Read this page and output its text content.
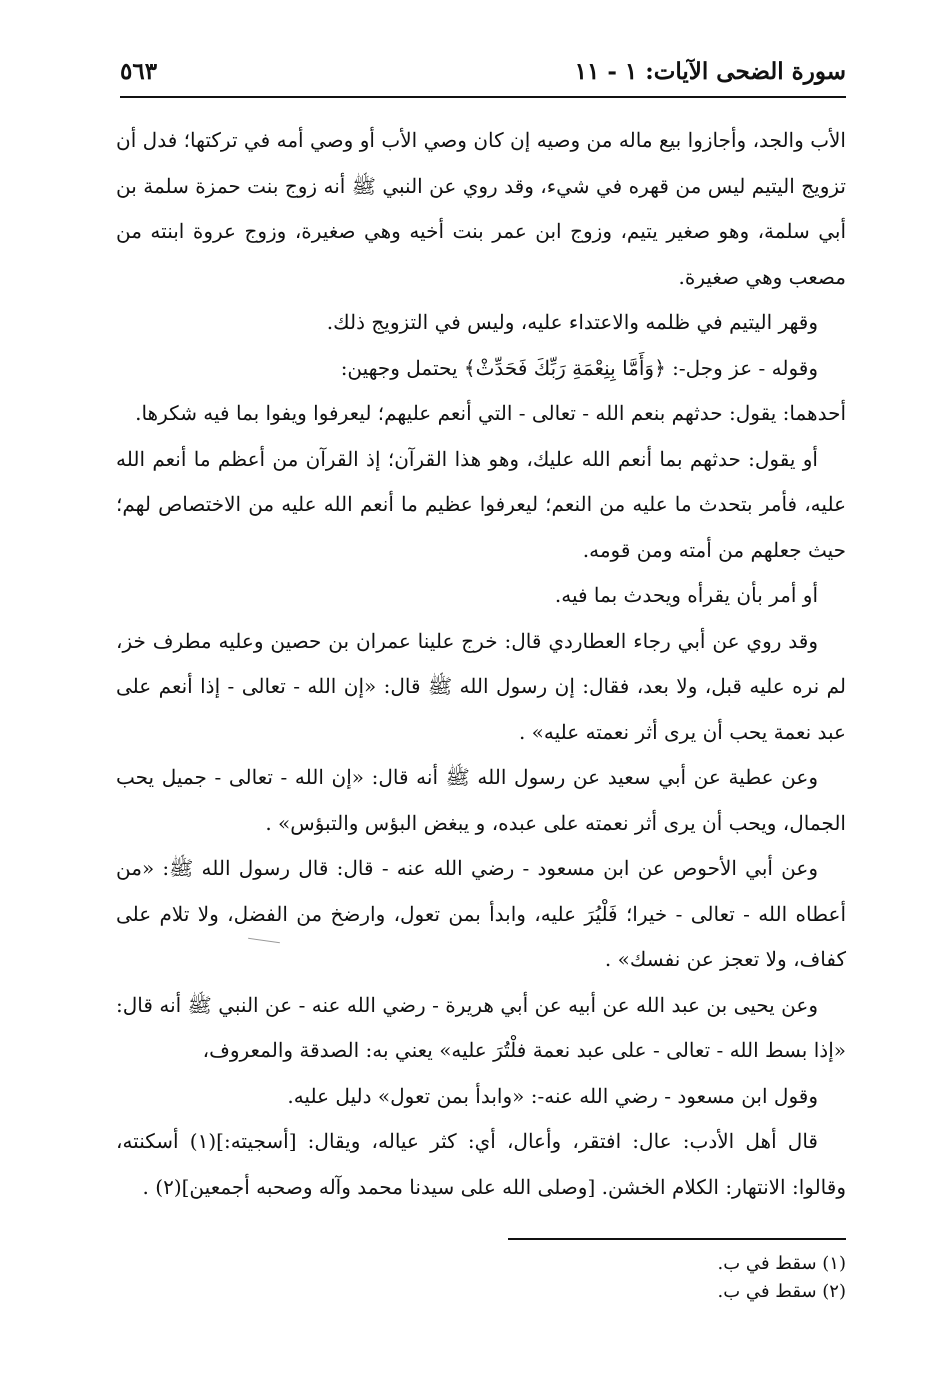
سورة الضحى الآيات: ١ - ١١
٥٦٣

الأب والجد، وأجازوا بيع ماله من وصيه إن كان وصي الأب أو وصي أمه في تركتها؛ فدل أن تزويج اليتيم ليس من قهره في شيء، وقد روي عن النبي ﷺ أنه زوج بنت حمزة سلمة بن أبي سلمة، وهو صغير يتيم، وزوج ابن عمر بنت أخيه وهي صغيرة، وزوج عروة ابنته من مصعب وهي صغيرة.

وقهر اليتيم في ظلمه والاعتداء عليه، وليس في التزويج ذلك.

وقوله - عز وجل-: ﴿وَأَمَّا بِنِعْمَةِ رَبِّكَ فَحَدِّثْ﴾ يحتمل وجهين:

أحدهما: يقول: حدثهم بنعم الله - تعالى - التي أنعم عليهم؛ ليعرفوا ويفوا بما فيه شكرها.

أو يقول: حدثهم بما أنعم الله عليك، وهو هذا القرآن؛ إذ القرآن من أعظم ما أنعم الله عليه، فأمر بتحدث ما عليه من النعم؛ ليعرفوا عظيم ما أنعم الله عليه من الاختصاص لهم؛ حيث جعلهم من أمته ومن قومه.

أو أمر بأن يقرأه ويحدث بما فيه.

وقد روي عن أبي رجاء العطاردي قال: خرج علينا عمران بن حصين وعليه مطرف خز، لم نره عليه قبل، ولا بعد، فقال: إن رسول الله ﷺ قال: «إن الله - تعالى - إذا أنعم على عبد نعمة يحب أن يرى أثر نعمته عليه» .

وعن عطية عن أبي سعيد عن رسول الله ﷺ أنه قال: «إن الله - تعالى - جميل يحب الجمال، ويحب أن يرى أثر نعمته على عبده، و يبغض البؤس والتبؤس» .

وعن أبي الأحوص عن ابن مسعود - رضي الله عنه - قال: قال رسول الله ﷺ: «من أعطاه الله - تعالى - خيرا؛ فَلْيُرَ عليه، وابدأ بمن تعول، وارضخ من الفضل، ولا تلام على كفاف، ولا تعجز عن نفسك» .

وعن يحيى بن عبد الله عن أبيه عن أبي هريرة - رضي الله عنه - عن النبي ﷺ أنه قال: «إذا بسط الله - تعالى - على عبد نعمة فلْتُرَ عليه» يعني به: الصدقة والمعروف،

وقول ابن مسعود - رضي الله عنه-: «وابدأ بمن تعول» دليل عليه.

قال أهل الأدب: عال: افتقر، وأعال، أي: كثر عياله، ويقال: [أسجيته:](١) أسكنته، وقالوا: الانتهار: الكلام الخشن. [وصلى الله على سيدنا محمد وآله وصحبه أجمعين](٢) .

(١) سقط في ب.
(٢) سقط في ب.
